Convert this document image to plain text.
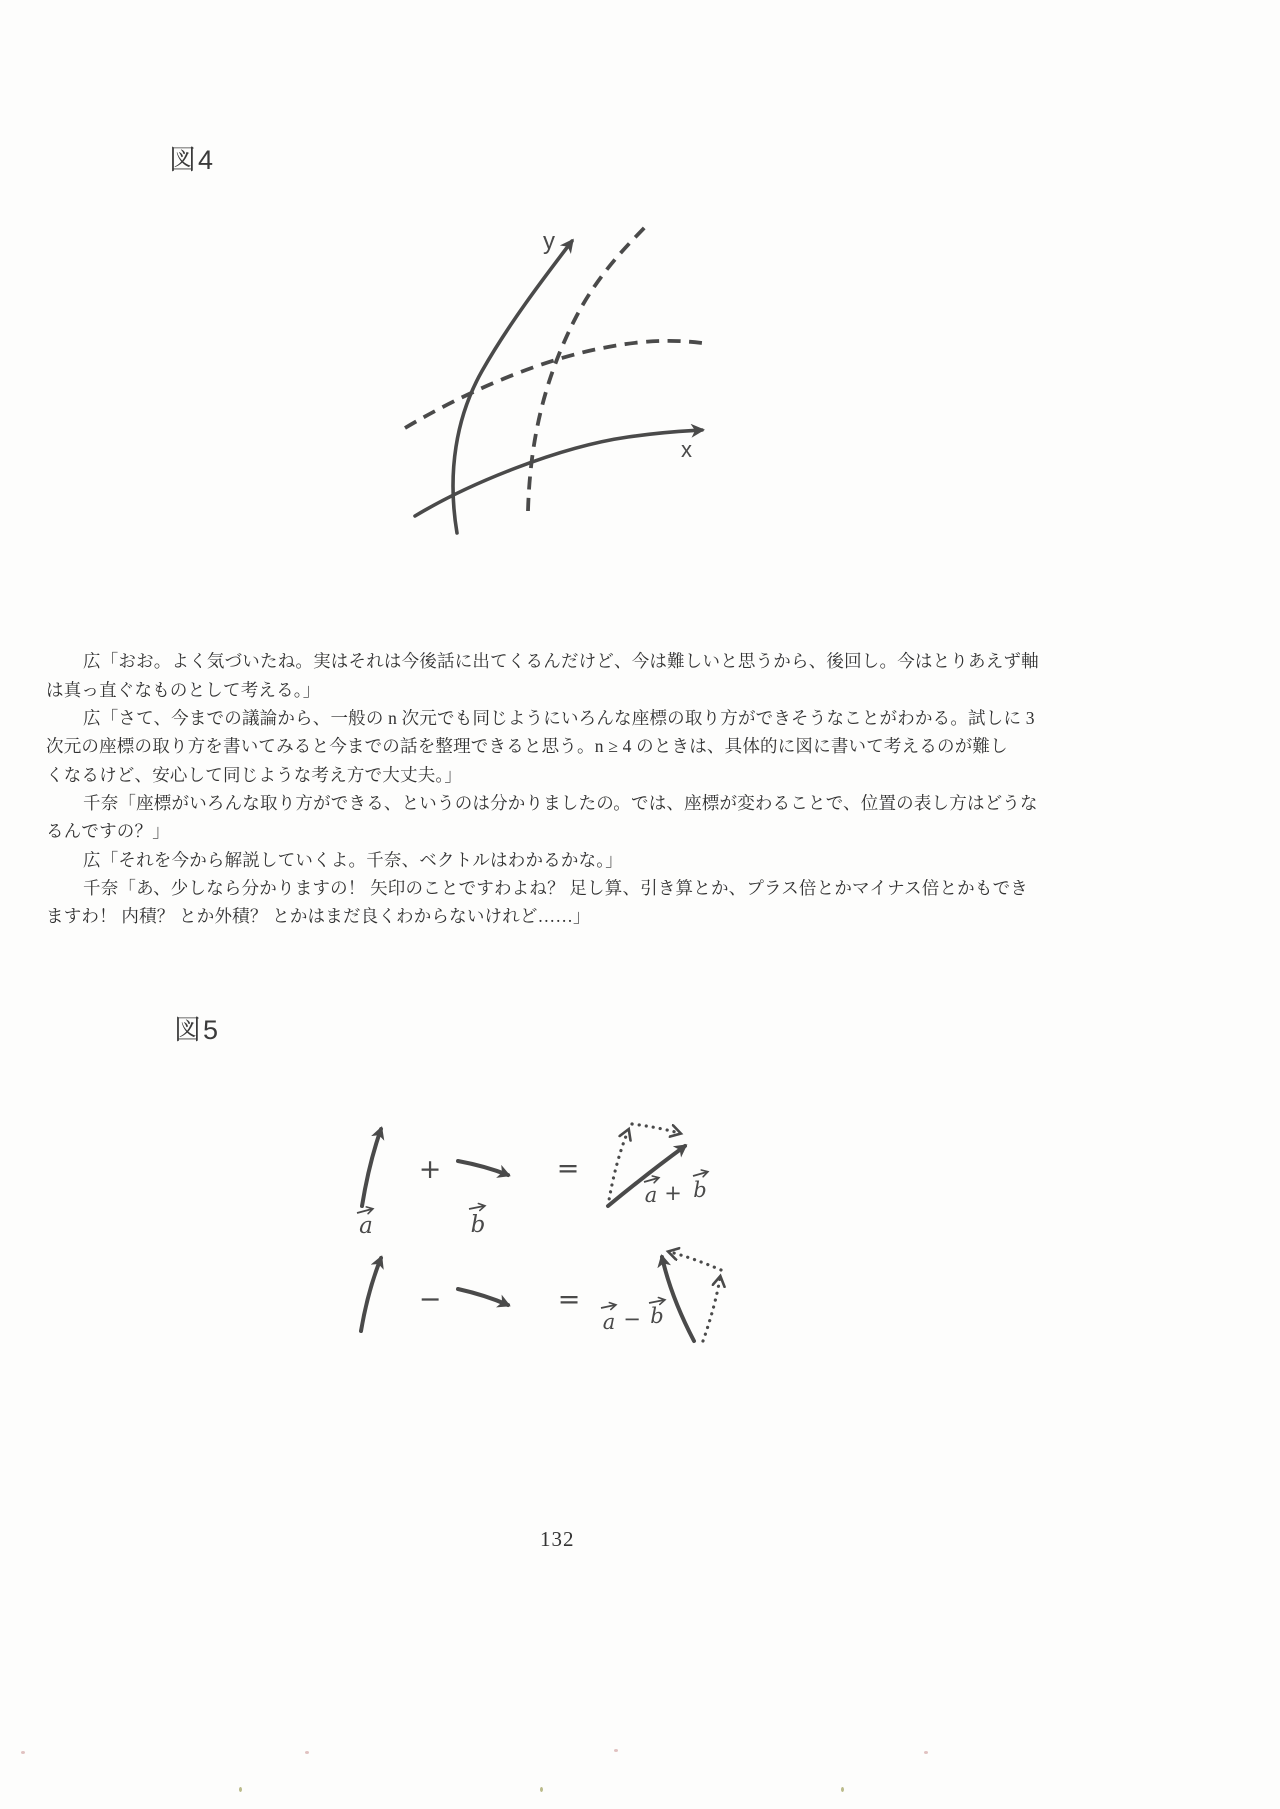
図4
y
x
広「おお。よく気づいたね。実はそれは今後話に出てくるんだけど、今は難しいと思うから、後回し。今はとりあえず軸
は真っ直ぐなものとして考える。」
広「さて、今までの議論から、一般の n 次元でも同じようにいろんな座標の取り方ができそうなことがわかる。試しに 3
次元の座標の取り方を書いてみると今までの話を整理できると思う。n ≥ 4 のときは、具体的に図に書いて考えるのが難し
くなるけど、安心して同じような考え方で大丈夫。」
千奈「座標がいろんな取り方ができる、というのは分かりましたの。では、座標が変わることで、位置の表し方はどうな
るんですの？」
広「それを今から解説していくよ。千奈、ベクトルはわかるかな。」
千奈「あ、少しなら分かりますの！ 矢印のことですわよね？ 足し算、引き算とか、プラス倍とかマイナス倍とかもでき
ますわ！ 内積？ とか外積？ とかはまだ良くわからないけれど……」
図5
+	=
a	b
a + b
−	=
a − b
132
